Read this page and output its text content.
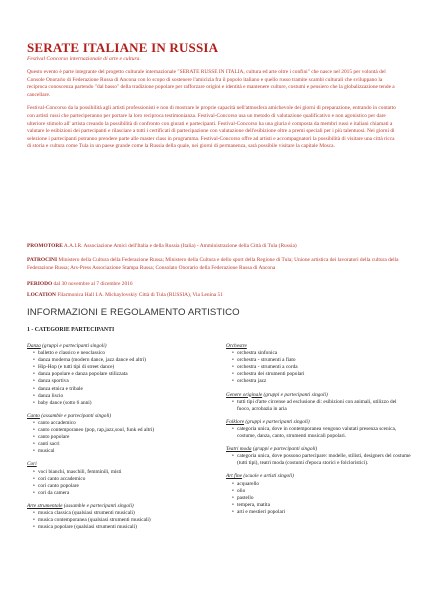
SERATE ITALIANE IN RUSSIA
Festival Concorso internazionale di arte e cultura.

Questo evento è parte integrante del progetto culturale internazionale "SERATE RUSSE IN ITALIA, cultura ed arte oltre i confini" che nasce nel 2015 per volontà del Console Onorario di Federazione Russa di Ancona con lo scopo di sostenere l'amicizia fra il popolo italiano e quello russo tramite scambi culturali che sviluppano la reciproca conoscenza partendo "dal basso" della tradizione popolare per rafforzare origini e identità e mantenere culture, costumi e pensiero che la globalizzazione tende a cancellare.

Festival-Concorso da la possibilità agli artisti professionisti e non di mostrare le proprie capacità nell'atmosfera amichevole dei giorni di preparazione, entrando in contatto con artisti russi che parteciperanno per portare la loro reciproca testimonianza. Festival-Concorso usa un metodo di valutazione qualificativo e non agonistico per dare ulteriore stimolo all' artista creando la possibilità di confronto con giurati e partecipanti. Festival-Concorso ha una giuria è composta da membri russi e italiani chiamati a valutare le esibizioni dei partecipanti e rilasciare a tutti i certificati di partecipazione con valutazione dell'esibizione oltre a premi speciali per i più talentuosi. Nei giorni di selezione i partecipanti potranno prendere parte alle master class in programma. Festival-Concorso offre ad artisti e accompagnatori la possibilità di visitare una città ricca di storia e cultura come Tula in un paese grande come la Russia della quale, nei giorni di permanenza, sarà possibile visitare la capitale Mosca.

PROMOTORE A.A.I.R. Associazione Amici dell'Italia e della Russia (Italia) - Amministrazione della Città di Tula (Russia)
PATROCINI Ministero della Cultura della Federazione Russa; Ministero della Cultura e dello sport della Regione di Tula; Unione artistica dei lavoratori della cultura della Federazione Russa; Ars-Press Associazione Stampa Russa; Consolato Onorario della Federazione Russa di Ancona
PERIODO dal 30 novembre al 7 dicembre 2016
LOCATION Filarmonica Hall I.A. Michaylovskiy Città di Tula (RUSSIA), Via Lenina 51
INFORMAZIONI E REGOLAMENTO ARTISTICO
1 - CATEGORIE PARTECIPANTI
Danza (gruppi e partecipanti singoli)
• balletto e classico e neoclassico
• danza moderna (modern dance, jazz dance ed altri)
• Hip-Hop (e tutti tipi di street dance)
• danza popolare e danza popolare stilizzata
• danza sportiva
• danza etnica e tribale
• danza liscio
• baby dance (sotto 6 anni)
Canto (assamble e partecipanti singoli)
• canto accademico
• canto contemporaneo (pop, rap,jazz,soul, funk ed altri)
• canto popolare
• canti sacri
• musical
Cori
• voci bianchi, maschili, femminili, misti
• cori canto accademico
• cori canto popolare
• cori da camera
Arte strumentale (assamble e partecipanti singoli)
• musica classica (qualsiasi strumenti musicali)
• musica contemporanea (qualsiasi strumenti musicali)
• musica popolare (qualsiasi strumenti musicali)
Orchestre
• orchestra sinfonica
• orchestra - strumenti a fiato
• orchestra - strumenti a corda
• orchestra dei strumenti popolari
• orchestra jazz
Genere originale (gruppi e partecipanti singoli)
• tutti tipi d'arte circense ad esclusione di: esibizioni con animali, utilizzo del fuoco, acrobazia in aria
Folklore (gruppi e partecipanti singoli)
• categoria unica, dove in contemporanea vengono valutati presenza scenica, costume, danza, canto, strumenti musicali popolari.
Teatri moda (gruppi e partecipanti singoli)
• categoria unica, dove possono partecipare: modelle, stilisti, designers del costume (tutti tipi), teatri moda (costumi d'epoca storici e folcloristici).
Art fine (scuole e artisti singoli)
• acquarello
• olio
• pastello
• tempera, matita
• arti e mestieri popolari
